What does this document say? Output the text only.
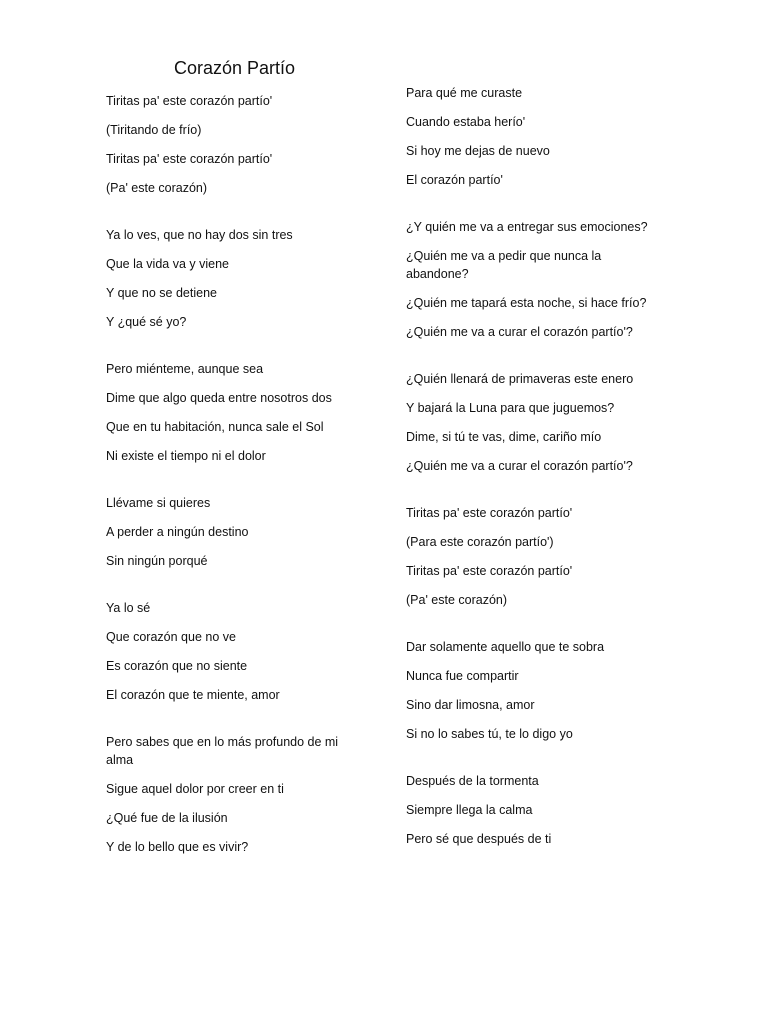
Corazón Partío
Tiritas pa' este corazón partío'
(Tiritando de frío)
Tiritas pa' este corazón partío'
(Pa' este corazón)
Ya lo ves, que no hay dos sin tres
Que la vida va y viene
Y que no se detiene
Y ¿qué sé yo?
Pero miénteme, aunque sea
Dime que algo queda entre nosotros dos
Que en tu habitación, nunca sale el Sol
Ni existe el tiempo ni el dolor
Llévame si quieres
A perder a ningún destino
Sin ningún porqué
Ya lo sé
Que corazón que no ve
Es corazón que no siente
El corazón que te miente, amor
Pero sabes que en lo más profundo de mi alma
Sigue aquel dolor por creer en ti
¿Qué fue de la ilusión
Y de lo bello que es vivir?
Para qué me curaste
Cuando estaba herío'
Si hoy me dejas de nuevo
El corazón partío'
¿Y quién me va a entregar sus emociones?
¿Quién me va a pedir que nunca la abandone?
¿Quién me tapará esta noche, si hace frío?
¿Quién me va a curar el corazón partío'?
¿Quién llenará de primaveras este enero
Y bajará la Luna para que juguemos?
Dime, si tú te vas, dime, cariño mío
¿Quién me va a curar el corazón partío'?
Tiritas pa' este corazón partío'
(Para este corazón partío')
Tiritas pa' este corazón partío'
(Pa' este corazón)
Dar solamente aquello que te sobra
Nunca fue compartir
Sino dar limosna, amor
Si no lo sabes tú, te lo digo yo
Después de la tormenta
Siempre llega la calma
Pero sé que después de ti
